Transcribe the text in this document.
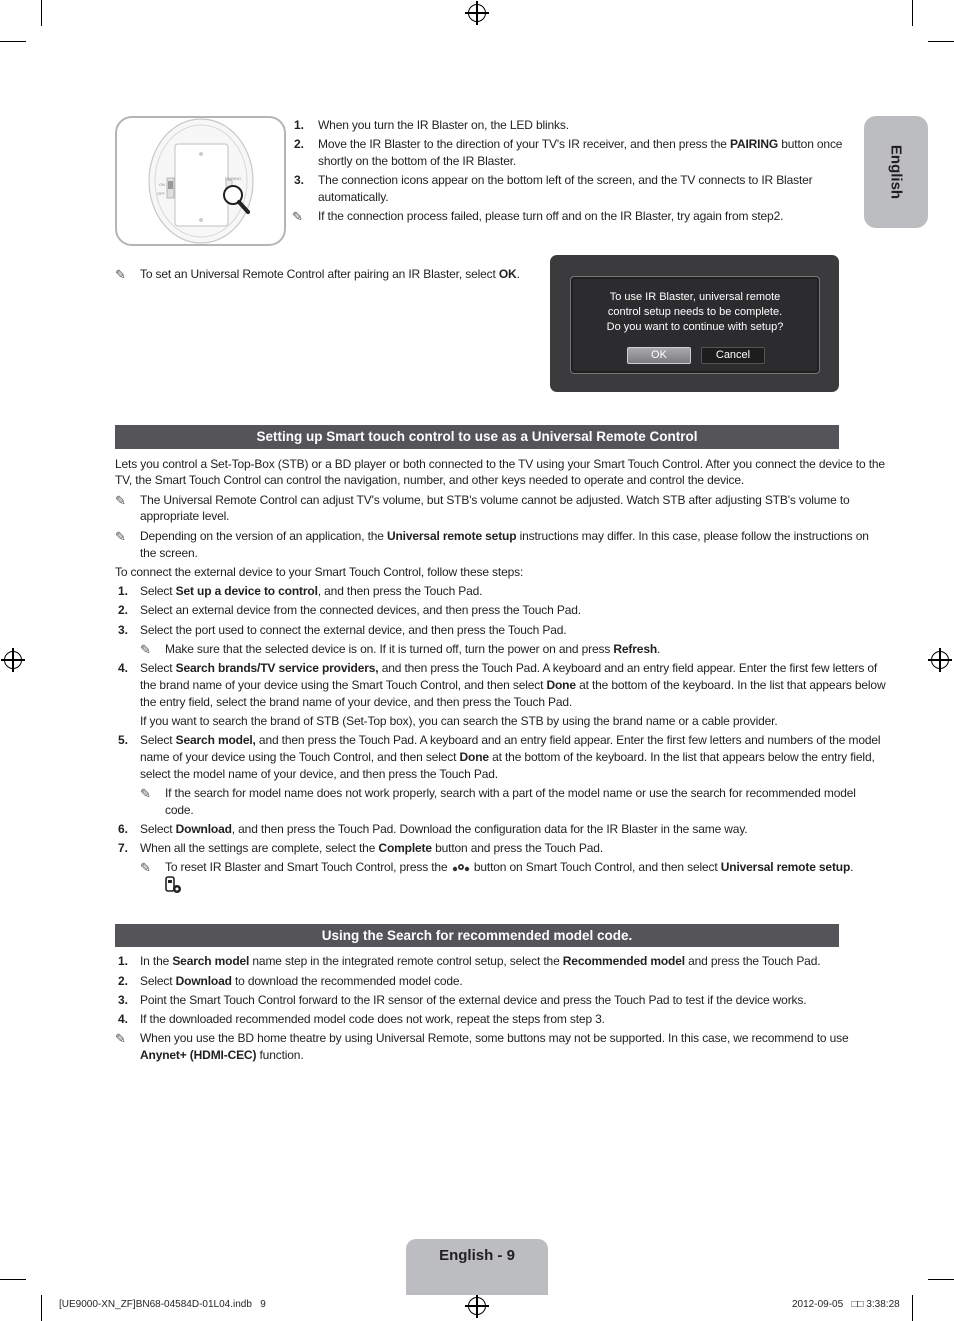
English
ON
OFF
PAIRING
1. When you turn the IR Blaster on, the LED blinks.
2. Move the IR Blaster to the direction of your TV's IR receiver, and then press the PAIRING button once
shortly on the bottom of the IR Blaster.
3. The connection icons appear on the bottom left of the screen, and the TV connects to IR Blaster
automatically.
✎ If the connection process failed, please turn off and on the IR Blaster, try again from step2.
✎ To set an Universal Remote Control after pairing an IR Blaster, select OK.
To use IR Blaster, universal remote
control setup needs to be complete.
Do you want to continue with setup?
OK	Cancel
Setting up Smart touch control to use as a Universal Remote Control
Lets you control a Set-Top-Box (STB) or a BD player or both connected to the TV using your Smart Touch Control. After you connect the device to the
TV, the Smart Touch Control can control the navigation, number, and other keys needed to operate and control the device.
✎ The Universal Remote Control can adjust TV's volume, but STB's volume cannot be adjusted. Watch STB after adjusting STB's volume to
appropriate level.
✎ Depending on the version of an application, the Universal remote setup instructions may differ. In this case, please follow the instructions on
the screen.
To connect the external device to your Smart Touch Control, follow these steps:
1. Select Set up a device to control, and then press the Touch Pad.
2. Select an external device from the connected devices, and then press the Touch Pad.
3. Select the port used to connect the external device, and then press the Touch Pad.
✎ Make sure that the selected device is on. If it is turned off, turn the power on and press Refresh.
4. Select Search brands/TV service providers, and then press the Touch Pad. A keyboard and an entry field appear. Enter the first few letters of
the brand name of your device using the Smart Touch Control, and then select Done at the bottom of the keyboard. In the list that appears below
the entry field, select the brand name of your device, and then press the Touch Pad.
If you want to search the brand of STB (Set-Top box), you can search the STB by using the brand name or a cable provider.
5. Select Search model, and then press the Touch Pad. A keyboard and an entry field appear. Enter the first few letters and numbers of the model
name of your device using the Touch Control, and then select Done at the bottom of the keyboard. In the list that appears below the entry field,
select the model name of your device, and then press the Touch Pad.
✎ If the search for model name does not work properly, search with a part of the model name or use the search for recommended model
code.
6. Select Download, and then press the Touch Pad. Download the configuration data for the IR Blaster in the same way.
7. When all the settings are complete, select the Complete button and press the Touch Pad.
✎ To reset IR Blaster and Smart Touch Control, press the button on Smart Touch Control, and then select Universal remote setup.
Using the Search for recommended model code.
1. In the Search model name step in the integrated remote control setup, select the Recommended model and press the Touch Pad.
2. Select Download to download the recommended model code.
3. Point the Smart Touch Control forward to the IR sensor of the external device and press the Touch Pad to test if the device works.
4. If the downloaded recommended model code does not work, repeat the steps from step 3.
✎ When you use the BD home theatre by using Universal Remote, some buttons may not be supported. In this case, we recommend to use
Anynet+ (HDMI-CEC) function.
English - 9
[UE9000-XN_ZF]BN68-04584D-01L04.indb   9	2012-09-05   □□ 3:38:28
